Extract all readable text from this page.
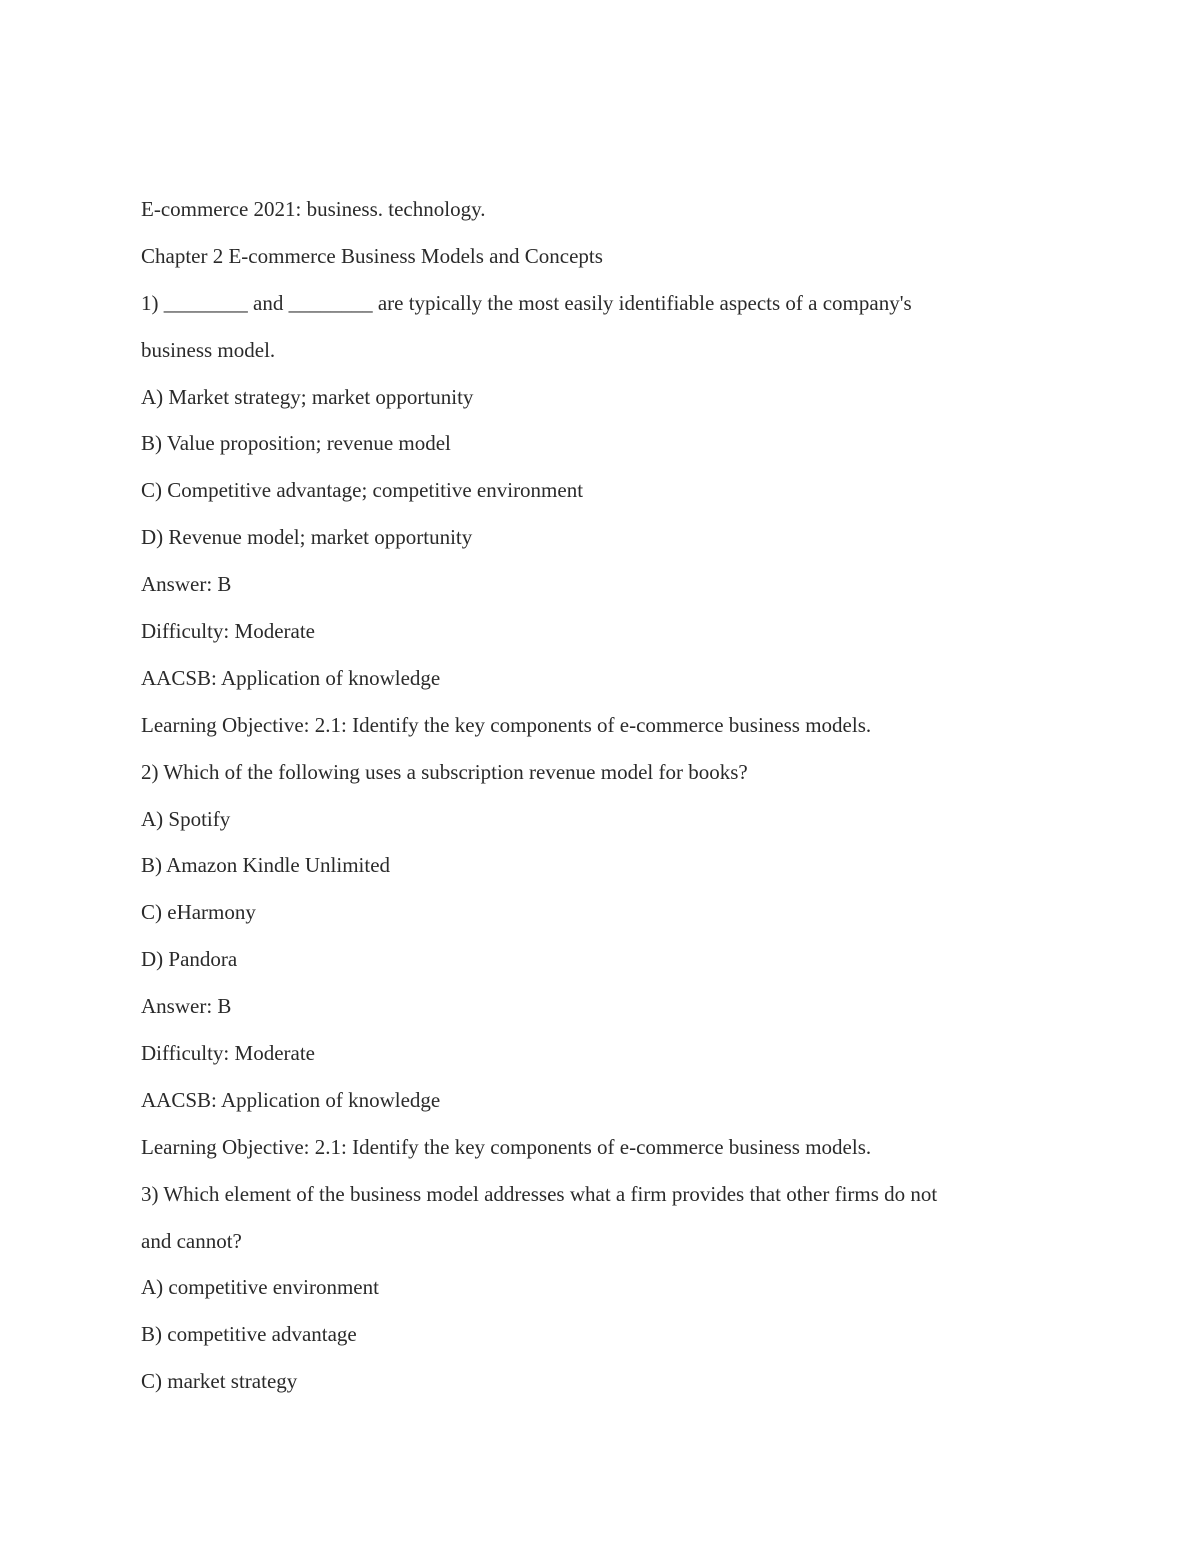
E-commerce 2021: business. technology.
Chapter 2 E-commerce Business Models and Concepts
1) ________ and ________ are typically the most easily identifiable aspects of a company's
business model.
A) Market strategy; market opportunity
B) Value proposition; revenue model
C) Competitive advantage; competitive environment
D) Revenue model; market opportunity
Answer: B
Difficulty: Moderate
AACSB: Application of knowledge
Learning Objective: 2.1: Identify the key components of e-commerce business models.
2) Which of the following uses a subscription revenue model for books?
A) Spotify
B) Amazon Kindle Unlimited
C) eHarmony
D) Pandora
Answer: B
Difficulty: Moderate
AACSB: Application of knowledge
Learning Objective: 2.1: Identify the key components of e-commerce business models.
3) Which element of the business model addresses what a firm provides that other firms do not
and cannot?
A) competitive environment
B) competitive advantage
C) market strategy
